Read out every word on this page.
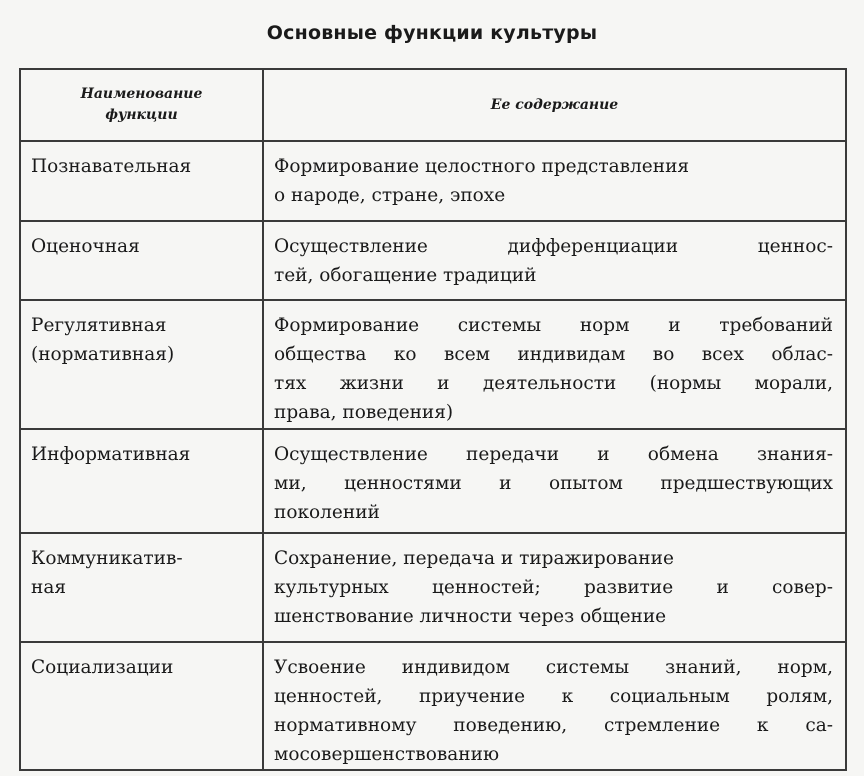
Основные функции культуры
Наименование
функции	Ее содержание

Познавательная	Формирование целостного представления
о народе, стране, эпохе

Оценочная	Осуществление дифференциации ценнос-
тей, обогащение традиций

Регулятивная
(нормативная)	Формирование системы норм и требований
общества ко всем индивидам во всех облас-
тях жизни и деятельности (нормы морали,
права, поведения)

Информативная	Осуществление передачи и обмена знания-
ми, ценностями и опытом предшествующих
поколений

Коммуникатив-
ная	Сохранение, передача и тиражирование
культурных ценностей; развитие и совер-
шенствование личности через общение

Социализации	Усвоение индивидом системы знаний, норм,
ценностей, приучение к социальным ролям,
нормативному поведению, стремление к са-
мосовершенствованию
